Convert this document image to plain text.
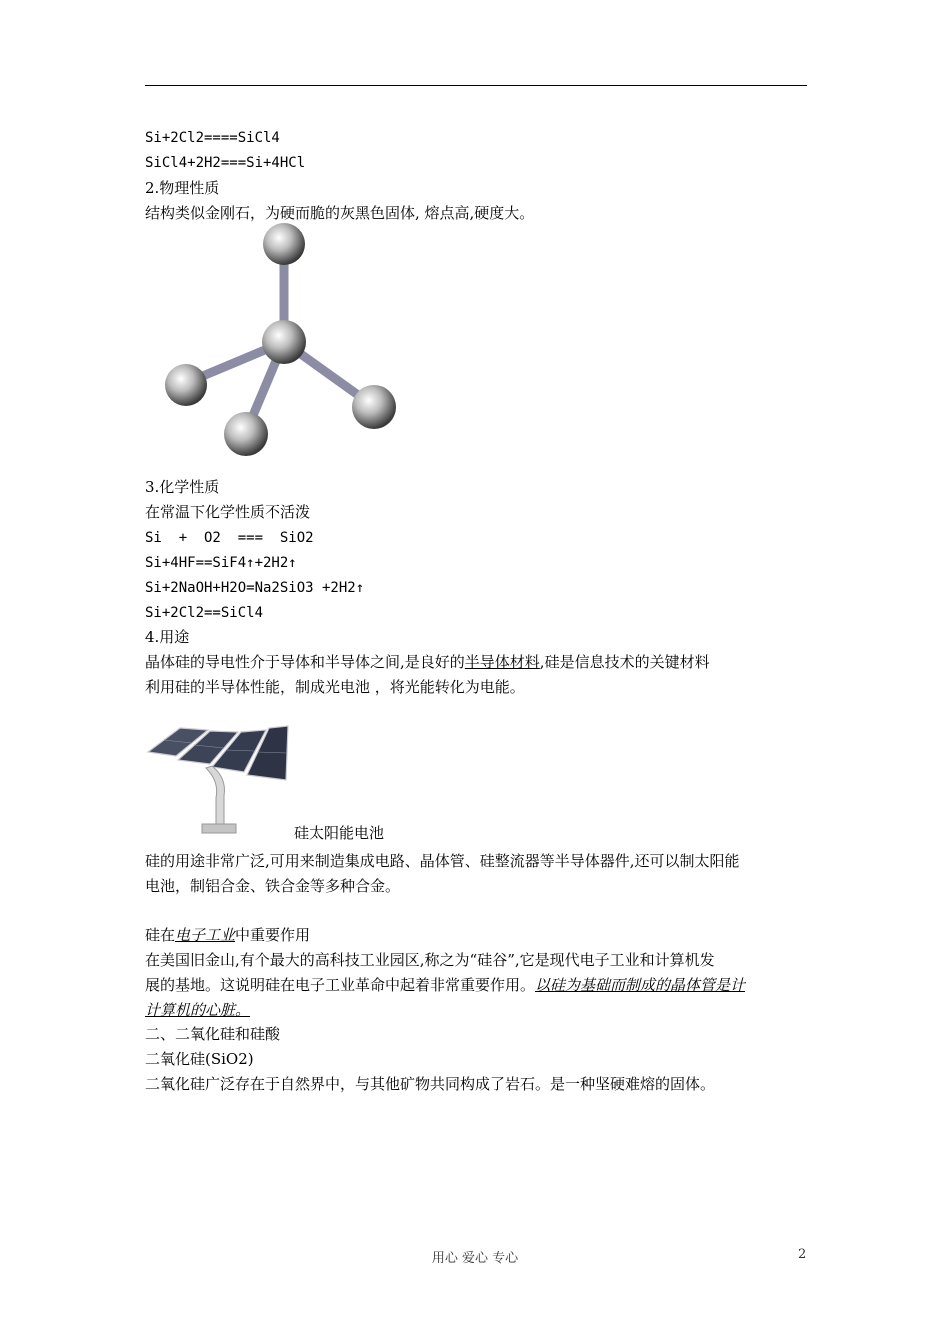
Si+2Cl2====SiCl4
SiCl4+2H2===Si+4HCl
2.物理性质
结构类似金刚石，为硬而脆的灰黑色固体, 熔点高,硬度大。
3.化学性质
在常温下化学性质不活泼
Si  +  O2  ===  SiO2
Si+4HF==SiF4↑+2H2↑
Si+2NaOH+H2O=Na2SiO3 +2H2↑
Si+2Cl2==SiCl4
4.用途
晶体硅的导电性介于导体和半导体之间,是良好的半导体材料,硅是信息技术的关键材料
利用硅的半导体性能，制成光电池 ，将光能转化为电能。
硅太阳能电池
硅的用途非常广泛,可用来制造集成电路、晶体管、硅整流器等半导体器件,还可以制太阳能
电池，制铝合金、铁合金等多种合金。
硅在电子工业中重要作用
在美国旧金山,有个最大的高科技工业园区,称之为“硅谷”,它是现代电子工业和计算机发
展的基地。这说明硅在电子工业革命中起着非常重要作用。以硅为基础而制成的晶体管是计
计算机的心脏。
二、二氧化硅和硅酸
二氧化硅(SiO2)
二氧化硅广泛存在于自然界中，与其他矿物共同构成了岩石。是一种坚硬难熔的固体。
用心 爱心 专心	2
